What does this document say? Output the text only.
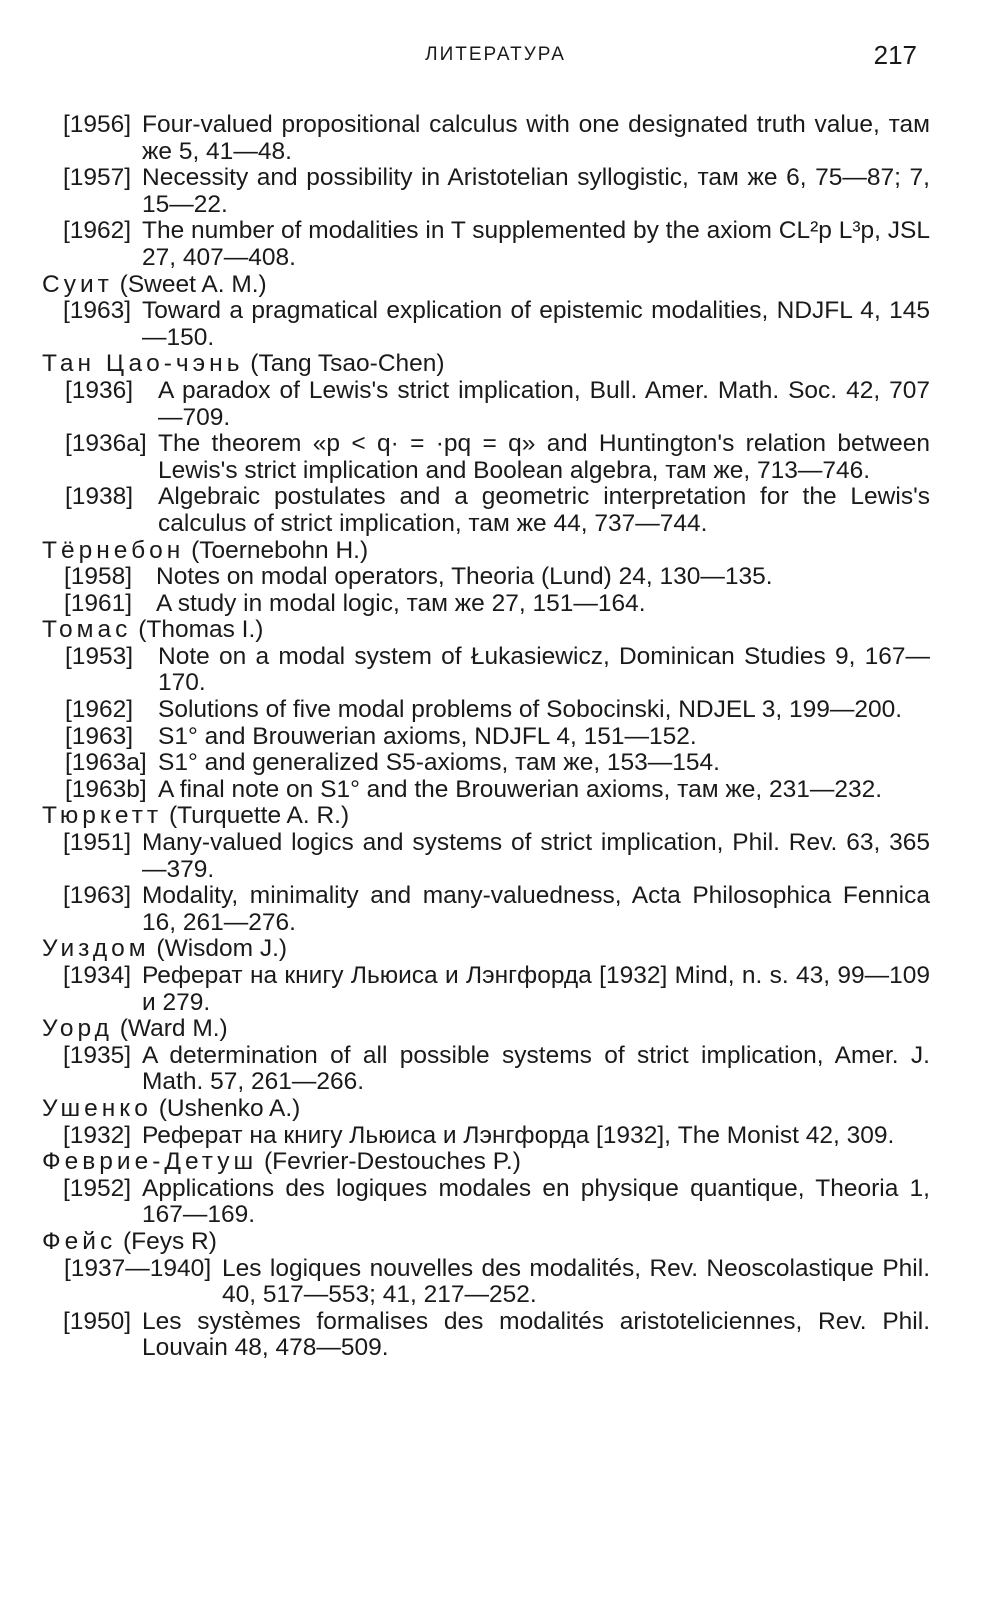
ЛИТЕРАТУРА	217
[1956] Four-valued propositional calculus with one designated truth value, там же 5, 41—48.
[1957] Necessity and possibility in Aristotelian syllogistic, там же 6, 75—87; 7, 15—22.
[1962] The number of modalities in T supplemented by the axiom CL²p L³p, JSL 27, 407—408.
Суит (Sweet A. M.)
[1963] Toward a pragmatical explication of epistemic modalities, NDJFL 4, 145—150.
Тан Цао-чэнь (Tang Tsao-Chen)
[1936] A paradox of Lewis's strict implication, Bull. Amer. Math. Soc. 42, 707—709.
[1936a] The theorem «p < q· = ·pq = q» and Huntington's relation between Lewis's strict implication and Boolean algebra, там же, 713—746.
[1938] Algebraic postulates and a geometric interpretation for the Lewis's calculus of strict implication, там же 44, 737—744.
Тёрнебон (Toernebohn H.)
[1958] Notes on modal operators, Theoria (Lund) 24, 130—135.
[1961] A study in modal logic, там же 27, 151—164.
Томас (Thomas I.)
[1953] Note on a modal system of Łukasiewicz, Dominican Studies 9, 167—170.
[1962] Solutions of five modal problems of Sobocinski, NDJEL 3, 199—200.
[1963] S1° and Brouwerian axioms, NDJFL 4, 151—152.
[1963a] S1° and generalized S5-axioms, там же, 153—154.
[1963b] A final note on S1° and the Brouwerian axioms, там же, 231—232.
Тюркетт (Turquette A. R.)
[1951] Many-valued logics and systems of strict implication, Phil. Rev. 63, 365—379.
[1963] Modality, minimality and many-valuedness, Acta Philosophica Fennica 16, 261—276.
Уиздом (Wisdom J.)
[1934] Реферат на книгу Льюиса и Лэнгфорда [1932] Mind, n. s. 43, 99—109 и 279.
Уорд (Ward M.)
[1935] A determination of all possible systems of strict implication, Amer. J. Math. 57, 261—266.
Ушенко (Ushenko A.)
[1932] Реферат на книгу Льюиса и Лэнгфорда [1932], The Monist 42, 309.
Феврие-Детуш (Fevrier-Destouches P.)
[1952] Applications des logiques modales en physique quantique, Theoria 1, 167—169.
Фейс (Feys R)
[1937—1940] Les logiques nouvelles des modalités, Rev. Neoscolastique Phil. 40, 517—553; 41, 217—252.
[1950] Les systèmes formalises des modalités aristoteliciennes, Rev. Phil. Louvain 48, 478—509.
